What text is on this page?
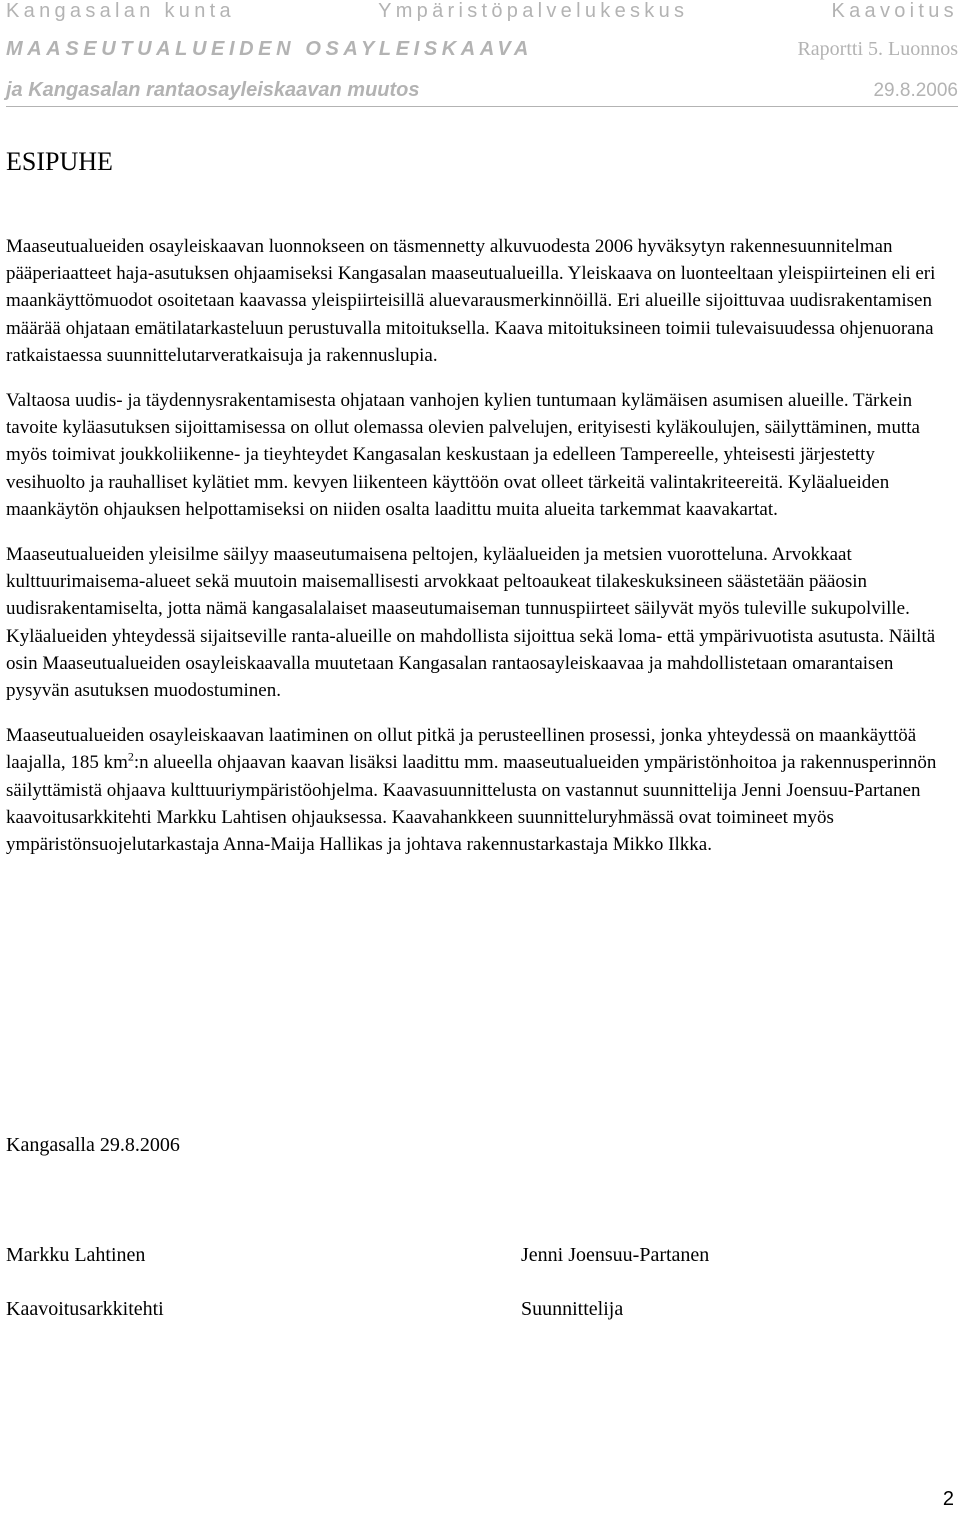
Kangasalan kunta	Ympäristöpalvelukeskus	Kaavoitus
MAASEUTUALUEIDEN OSAYLEISKAAVA	Raportti 5. Luonnos
ja Kangasalan rantaosayleiskaavan muutos	29.8.2006
ESIPUHE

Maaseutualueiden osayleiskaavan luonnokseen on täsmennetty alkuvuodesta 2006 hyväksytyn rakennesuunnitelman pääperiaatteet haja-asutuksen ohjaamiseksi Kangasalan maaseutualueilla. Yleiskaava on luonteeltaan yleispiirteinen eli eri maankäyttömuodot osoitetaan kaavassa yleispiirteisillä aluevarausmerkinnöillä. Eri alueille sijoittuvaa uudisrakentamisen määrää ohjataan emätilatarkasteluun perustuvalla mitoituksella. Kaava mitoituksineen toimii tulevaisuudessa ohjenuorana ratkaistaessa suunnittelutarveratkaisuja ja rakennuslupia.

Valtaosa uudis- ja täydennysrakentamisesta ohjataan vanhojen kylien tuntumaan kylämäisen asumisen alueille. Tärkein tavoite kyläasutuksen sijoittamisessa on ollut olemassa olevien palvelujen, erityisesti kyläkoulujen, säilyttäminen, mutta myös toimivat joukkoliikenne- ja tieyhteydet Kangasalan keskustaan ja edelleen Tampereelle, yhteisesti järjestetty vesihuolto ja rauhalliset kylätiet mm. kevyen liikenteen käyttöön ovat olleet tärkeitä valintakriteereitä. Kyläalueiden maankäytön ohjauksen helpottamiseksi on niiden osalta laadittu muita alueita tarkemmat kaavakartat.

Maaseutualueiden yleisilme säilyy maaseutumaisena peltojen, kyläalueiden ja metsien vuorotteluna. Arvokkaat kulttuurimaisema-alueet sekä muutoin maisemallisesti arvokkaat peltoaukeat tilakeskuksineen säästetään pääosin uudisrakentamiselta, jotta nämä kangasalalaiset maaseutumaiseman tunnuspiirteet säilyvät myös tuleville sukupolville. Kyläalueiden yhteydessä sijaitseville ranta-alueille on mahdollista sijoittua sekä loma- että ympärivuotista asutusta. Näiltä osin Maaseutualueiden osayleiskaavalla muutetaan Kangasalan rantaosayleiskaavaa ja mahdollistetaan omarantaisen pysyvän asutuksen muodostuminen.

Maaseutualueiden osayleiskaavan laatiminen on ollut pitkä ja perusteellinen prosessi, jonka yhteydessä on maankäyttöä laajalla, 185 $km^2:n$ alueella ohjaavan kaavan lisäksi laadittu mm. maaseutualueiden ympäristönhoitoa ja rakennusperinnön säilyttämistä ohjaava kulttuuriympäristöohjelma. Kaavasuunnittelusta on vastannut suunnittelija Jenni Joensuu-Partanen kaavoitusarkkitehti Markku Lahtisen ohjauksessa. Kaavahankkeen suunnitteluryhmässä ovat toimineet myös ympäristönsuojelutarkastaja Anna-Maija Hallikas ja johtava rakennustarkastaja Mikko Ilkka.

Kangasalla 29.8.2006

Markku Lahtinen

Kaavoitusarkkitehti

Jenni Joensuu-Partanen

Suunnittelija

2
